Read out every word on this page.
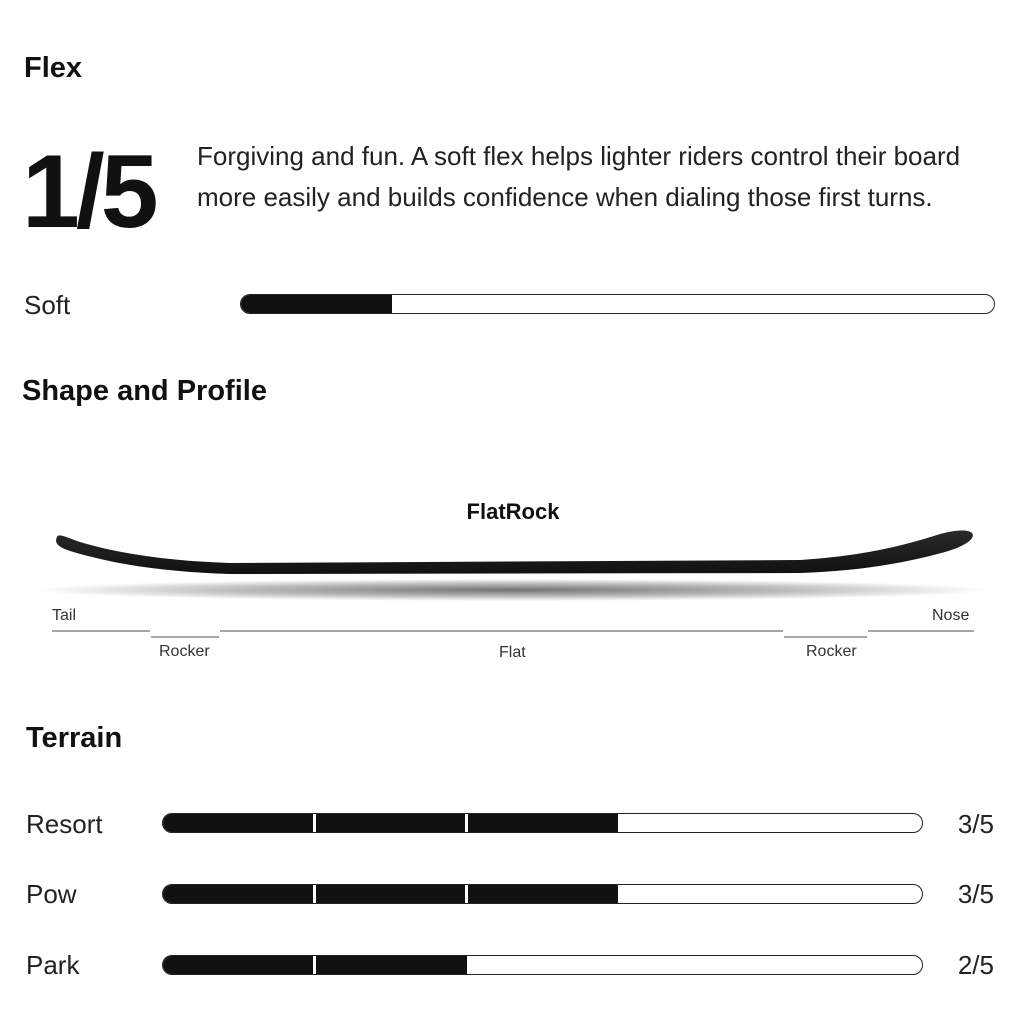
Flex
1/5 Forgiving and fun. A soft flex helps lighter riders control their board more easily and builds confidence when dialing those first turns.
Soft
Shape and Profile
FlatRock
Tail	Nose
Rocker	Flat	Rocker
Terrain
Resort	3/5
Pow	3/5
Park	2/5
